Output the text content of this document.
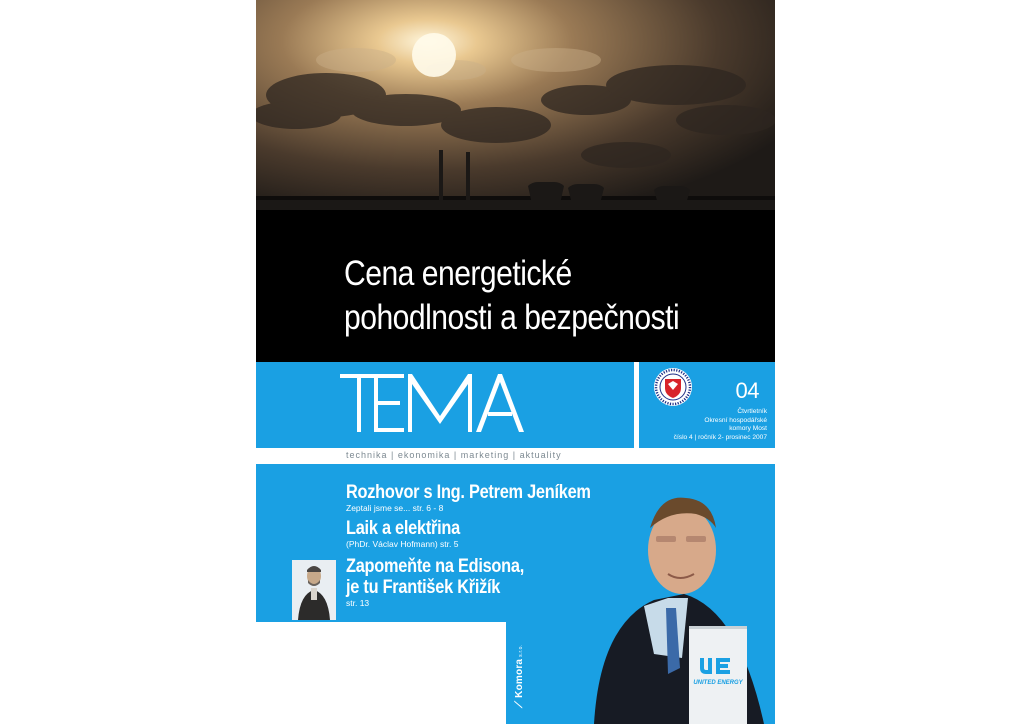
Cena energetické
pohodlnosti a bezpečnosti
04
Čtvrtletník
Okresní hospodářské
komory Most
číslo 4 | ročník 2- prosinec 2007
technika | ekonomika | marketing | aktuality
Rozhovor s Ing. Petrem Jeníkem
Zeptali jsme se... str. 6 - 8
Laik a elektřina
(PhDr. Václav Hofmann) str. 5
Zapomeňte na Edisona,
je tu František Křižík
str. 13
UNITED ENERGY
⟋ Komoras.r.o.
